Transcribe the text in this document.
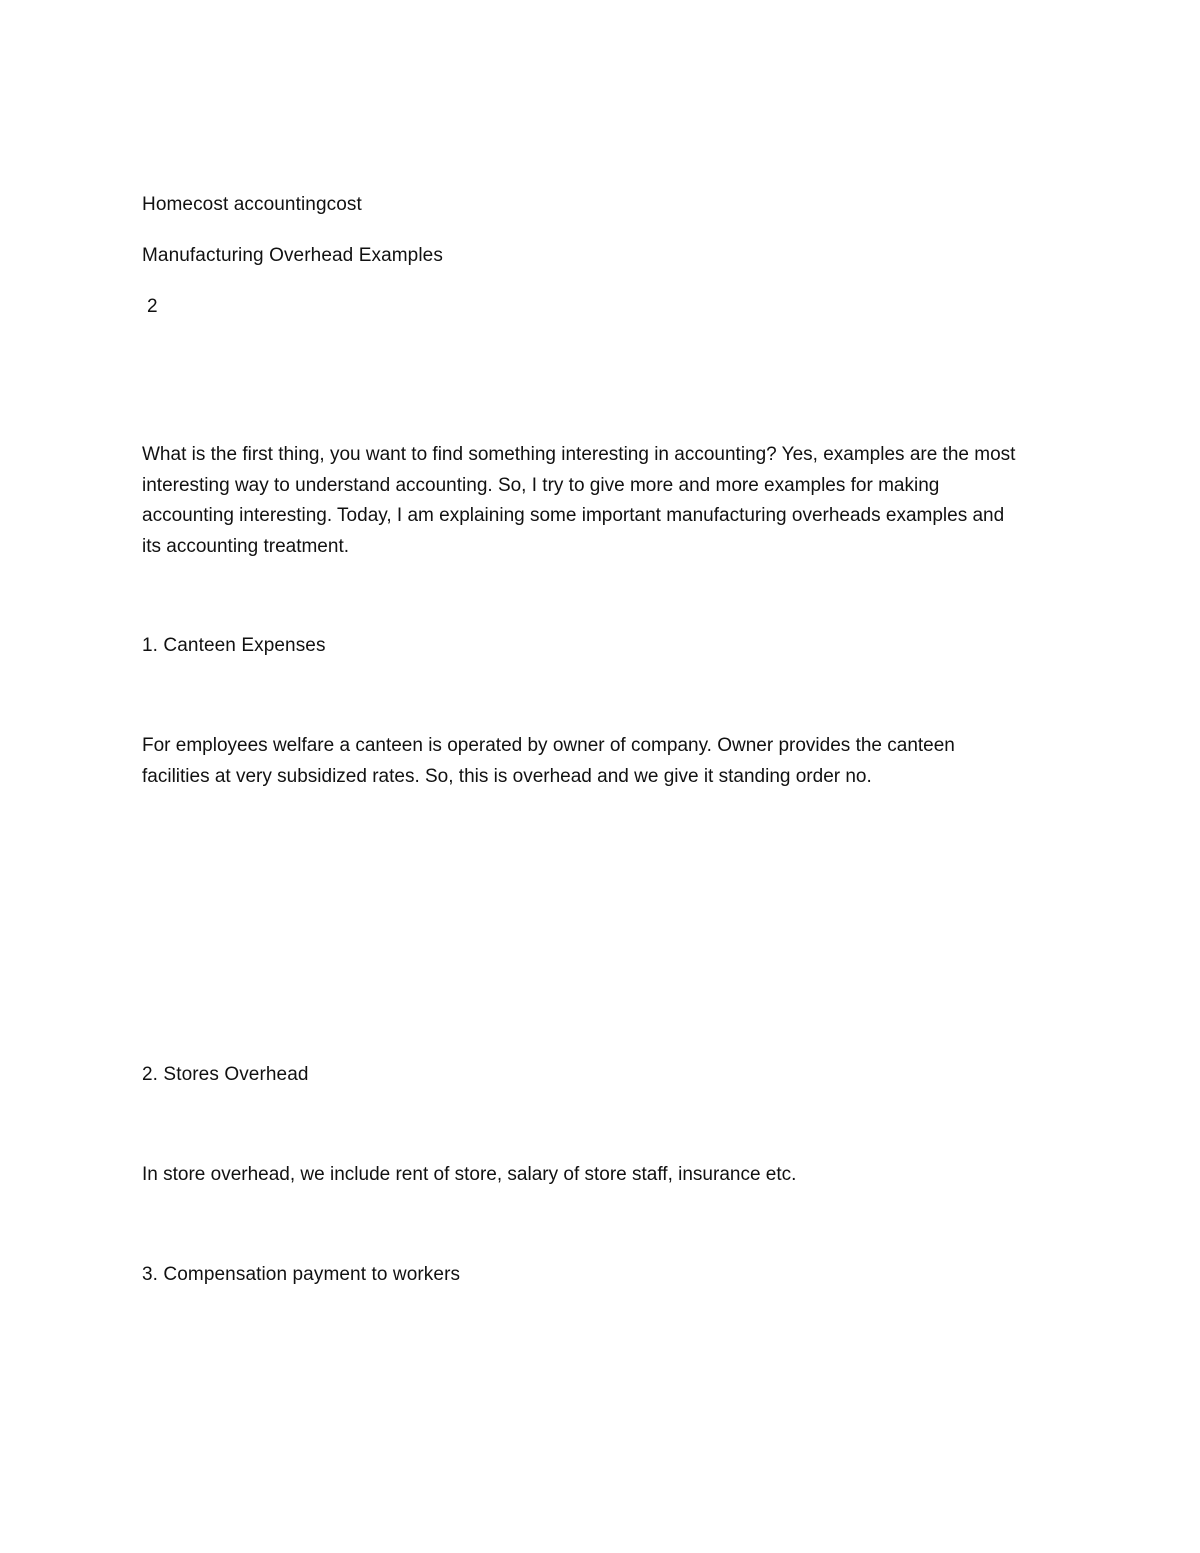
Homecost accountingcost
Manufacturing Overhead Examples
2

What is the first thing, you want to find something interesting in accounting? Yes, examples are the most

interesting way to understand accounting. So, I try to give more and more examples for making

accounting interesting. Today, I am explaining some important manufacturing overheads examples and

its accounting treatment.

1. Canteen Expenses

For employees welfare a canteen is operated by owner of company. Owner provides the canteen

facilities at very subsidized rates. So, this is overhead and we give it standing order no.

2. Stores Overhead

In store overhead, we include rent of store, salary of store staff, insurance etc.

3. Compensation payment to workers
